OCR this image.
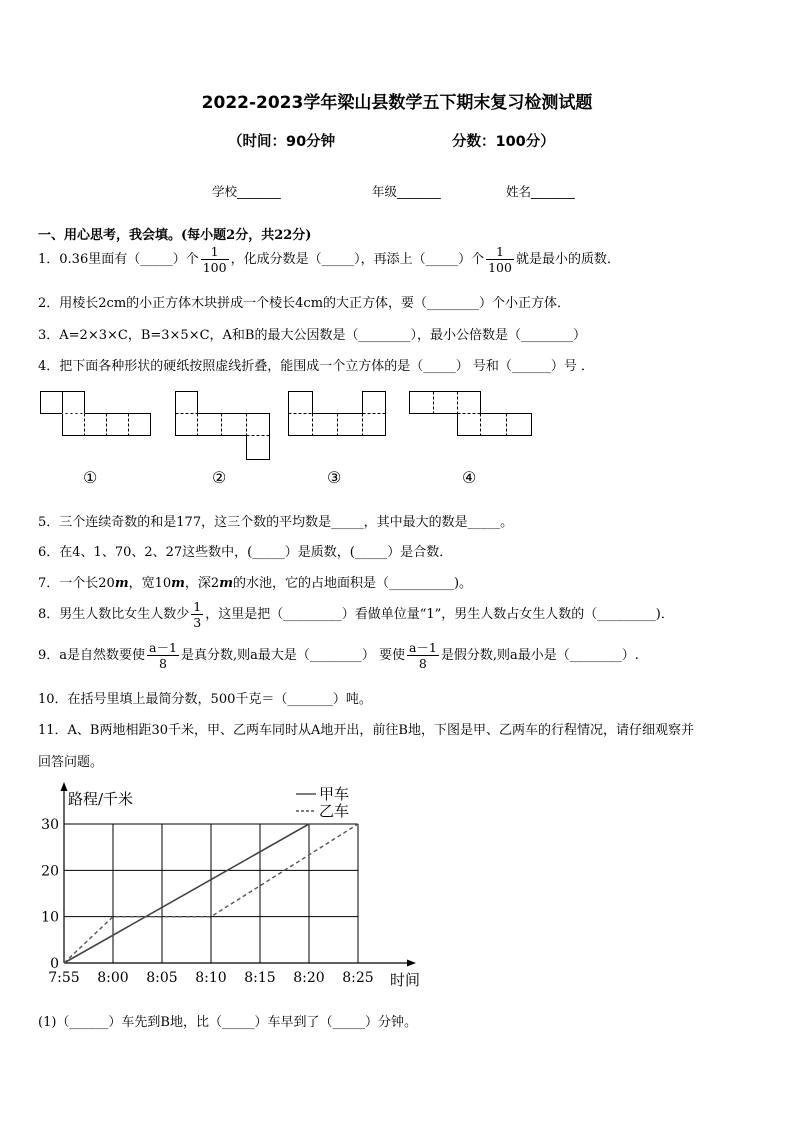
2022-2023学年梁山县数学五下期末复习检测试题
（时间：90分钟	分数：100分）
学校_______	年级_______	姓名_______
一、用心思考，我会填。(每小题2分，共22分)
1．0.36里面有（_____）个 $\frac{1}{100}$ ，化成分数是（_____），再添上（_____）个 $\frac{1}{100}$ 就是最小的质数．
2．用棱长2cm的小正方体木块拼成一个棱长4cm的大正方体，要（________）个小正方体．
3．A=2×3×C，B=3×5×C，A和B的最大公因数是（________），最小公倍数是（________）
4．把下面各种形状的硬纸按照虚线折叠，能围成一个立方体的是（_____） 号和（______）号 ．
①	②	③	④
5．三个连续奇数的和是177，这三个数的平均数是_____，其中最大的数是_____。
6．在4、1、70、2、27这些数中，(_____）是质数，(_____）是合数．
7．一个长20m，宽10m，深2m的水池，它的占地面积是（__________)。
8．男生人数比女生人数少 $\frac{1}{3}$ ，这里是把（_________）看做单位量“1”，男生人数占女生人数的（_________)．
9．a是自然数要使 $\frac{a-1}{8}$ 是真分数,则a最大是（________） 要使 $\frac{a-1}{8}$ 是假分数,则a最小是（________）.
10．在括号里填上最简分数，500千克＝（_______）吨。
11．A、B两地相距30千米，甲、乙两车同时从A地开出，前往B地，下图是甲、乙两车的行程情况，请仔细观察并
回答问题。
0
10
20
30
7:55 8:00 8:05 8:10 8:15 8:20 8:25
路程/千米
时间
甲车
乙车
(1)（______）车先到B地，比（_____）车早到了（_____）分钟。
